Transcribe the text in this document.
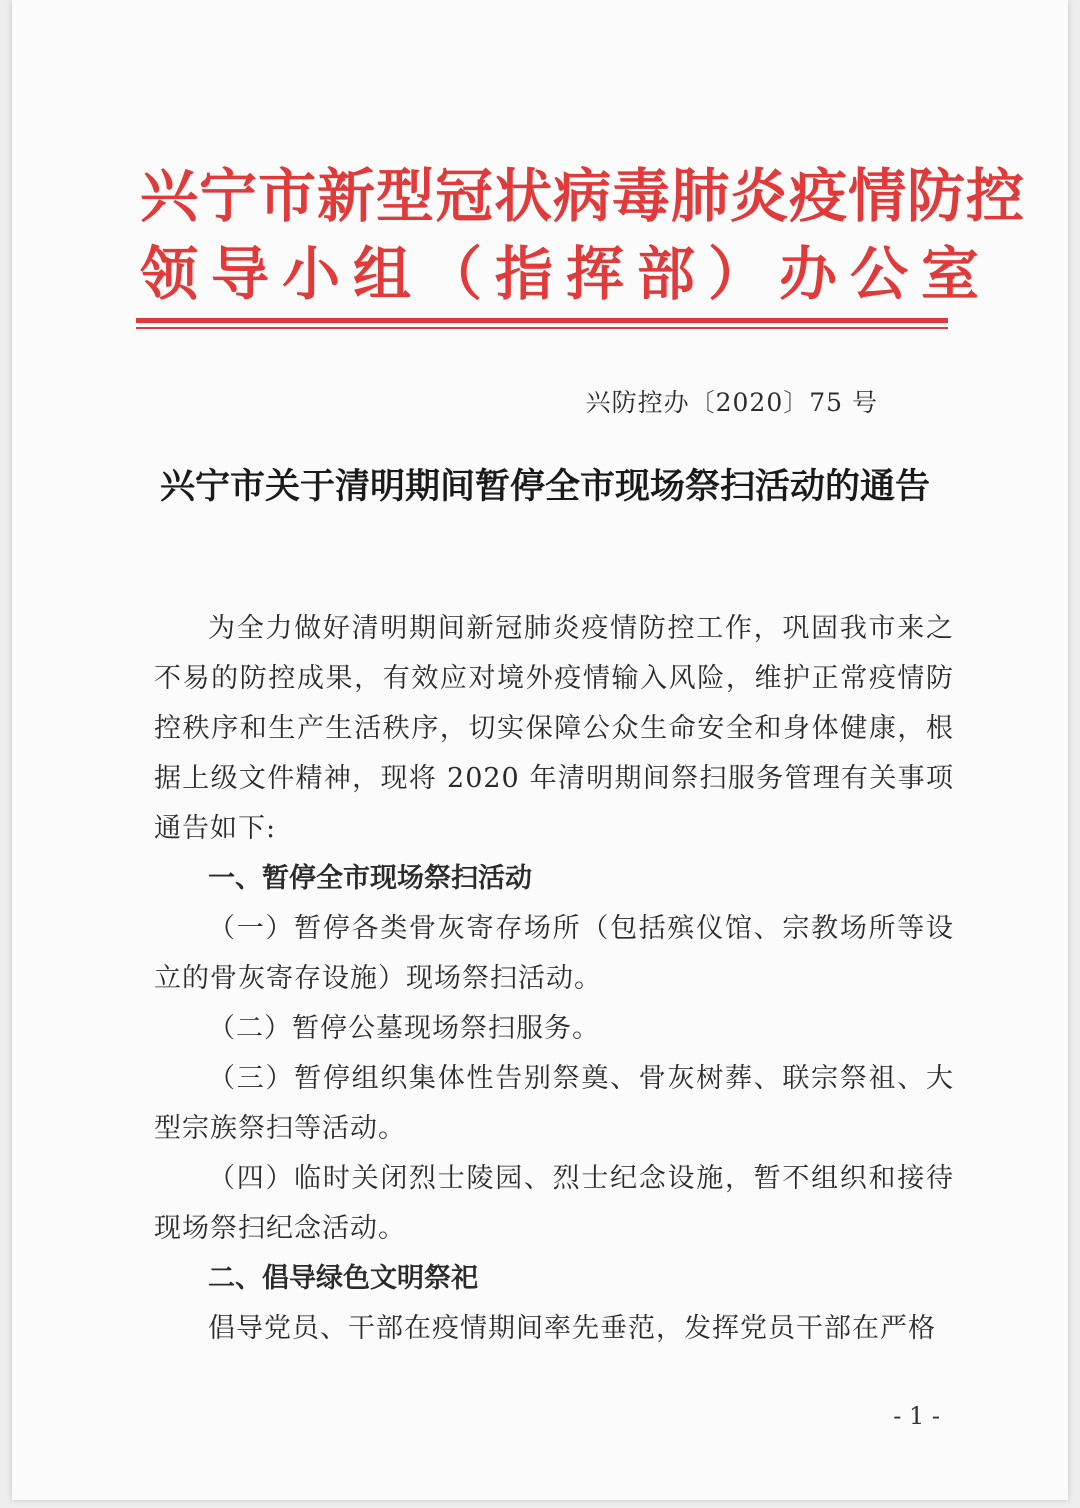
兴宁市新型冠状病毒肺炎疫情防控
领导小组（指挥部）办公室
兴防控办〔2020〕75 号
兴宁市关于清明期间暂停全市现场祭扫活动的通告

为全力做好清明期间新冠肺炎疫情防控工作，巩固我市来之不易的防控成果，有效应对境外疫情输入风险，维护正常疫情防控秩序和生产生活秩序，切实保障公众生命安全和身体健康，根据上级文件精神，现将 2020 年清明期间祭扫服务管理有关事项通告如下:

一、暂停全市现场祭扫活动

（一）暂停各类骨灰寄存场所（包括殡仪馆、宗教场所等设立的骨灰寄存设施）现场祭扫活动。

（二）暂停公墓现场祭扫服务。

（三）暂停组织集体性告别祭奠、骨灰树葬、联宗祭祖、大型宗族祭扫等活动。

（四）临时关闭烈士陵园、烈士纪念设施，暂不组织和接待现场祭扫纪念活动。

二、倡导绿色文明祭祀

倡导党员、干部在疫情期间率先垂范，发挥党员干部在严格

- 1 -
